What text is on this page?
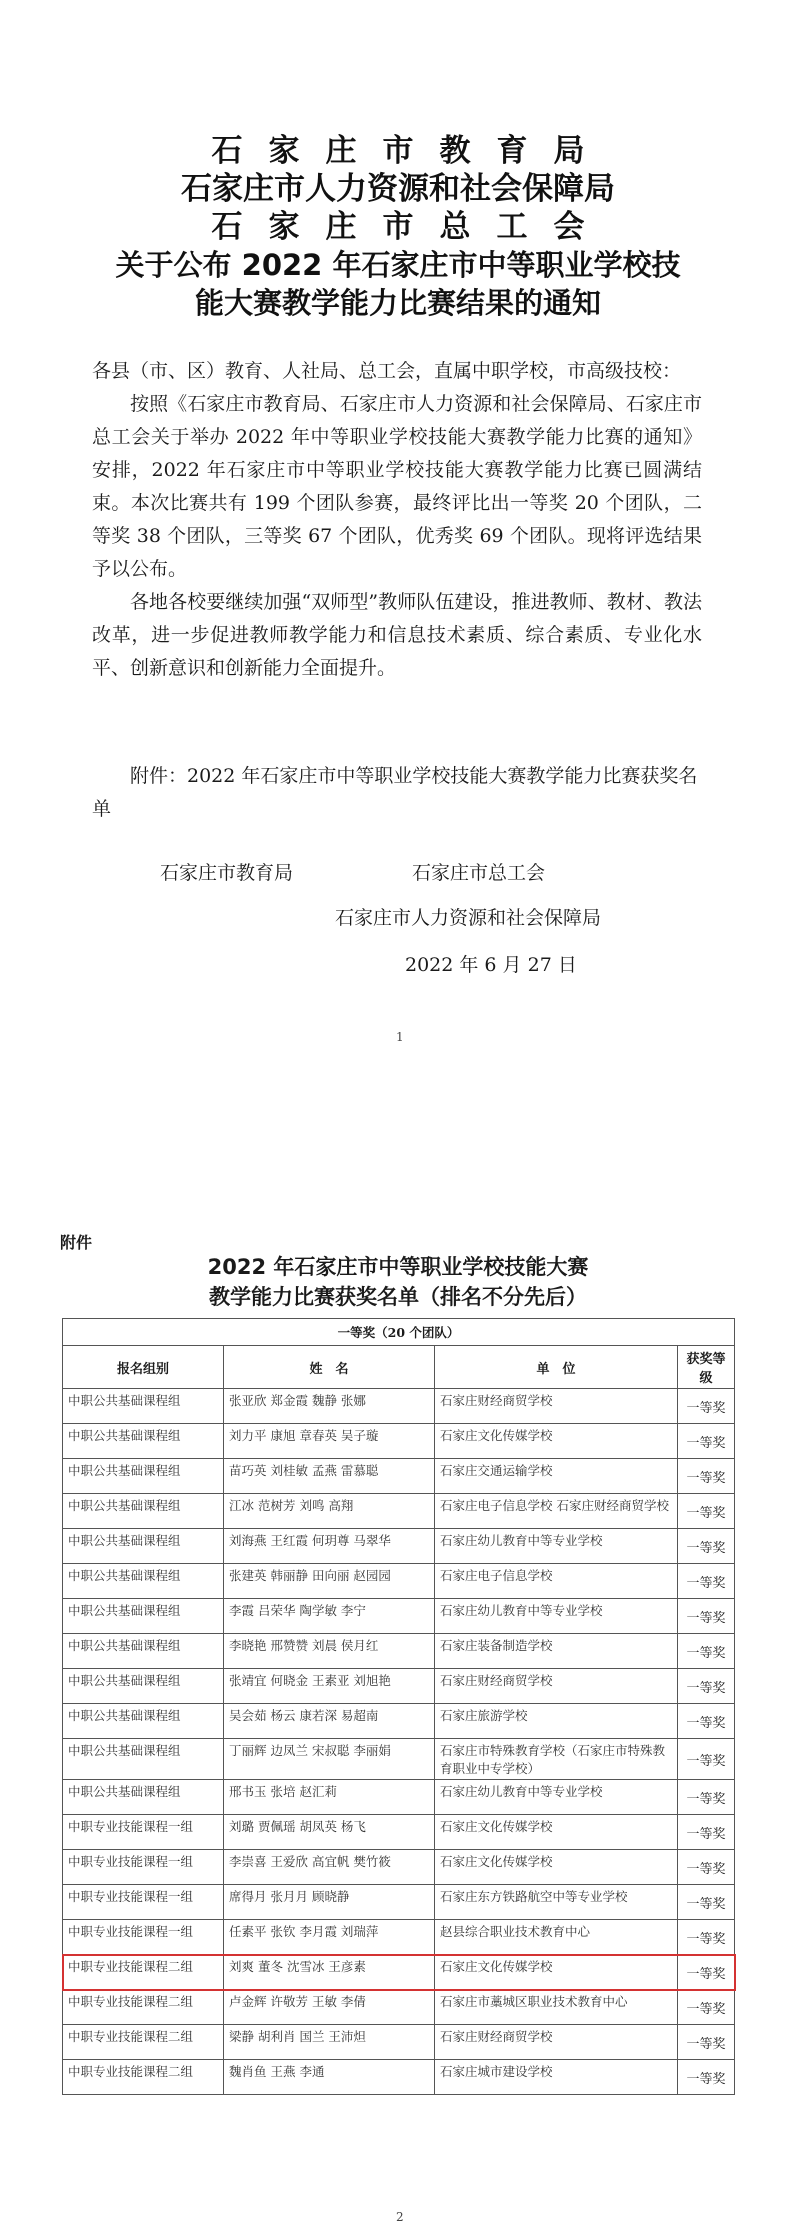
石家庄市教育局
石家庄市人力资源和社会保障局
石家庄市总工会
关于公布 2022 年石家庄市中等职业学校技
能大赛教学能力比赛结果的通知

各县（市、区）教育、人社局、总工会，直属中职学校，市高级技校：

按照《石家庄市教育局、石家庄市人力资源和社会保障局、石家庄市总工会关于举办 2022 年中等职业学校技能大赛教学能力比赛的通知》安排，2022 年石家庄市中等职业学校技能大赛教学能力比赛已圆满结束。本次比赛共有 199 个团队参赛，最终评比出一等奖 20 个团队，二等奖 38 个团队，三等奖 67 个团队，优秀奖 69 个团队。现将评选结果予以公布。

各地各校要继续加强“双师型”教师队伍建设，推进教师、教材、教法改革，进一步促进教师教学能力和信息技术素质、综合素质、专业化水平、创新意识和创新能力全面提升。

附件：2022 年石家庄市中等职业学校技能大赛教学能力比赛获奖名单
石家庄市教育局	石家庄市总工会
石家庄市人力资源和社会保障局
2022 年 6 月 27 日
1
2
附件
2022 年石家庄市中等职业学校技能大赛
教学能力比赛获奖名单（排名不分先后）
一等奖（20 个团队）			
报名组别	姓　名	单　位	获奖等级
中职公共基础课程组	张亚欣 郑金霞 魏静 张娜	石家庄财经商贸学校	一等奖
中职公共基础课程组	刘力平 康旭 章春英 吴子璇	石家庄文化传媒学校	一等奖
中职公共基础课程组	苗巧英 刘桂敏 孟燕 雷慕聪	石家庄交通运输学校	一等奖
中职公共基础课程组	江冰 范树芳 刘鸣 高翔	石家庄电子信息学校 石家庄财经商贸学校	一等奖
中职公共基础课程组	刘海燕 王红霞 何玥尊 马翠华	石家庄幼儿教育中等专业学校	一等奖
中职公共基础课程组	张建英 韩丽静 田向丽 赵园园	石家庄电子信息学校	一等奖
中职公共基础课程组	李霞 吕荣华 陶学敏 李宁	石家庄幼儿教育中等专业学校	一等奖
中职公共基础课程组	李晓艳 邢赞赞 刘晨 侯月红	石家庄装备制造学校	一等奖
中职公共基础课程组	张靖宜 何晓金 王素亚 刘旭艳	石家庄财经商贸学校	一等奖
中职公共基础课程组	吴会茹 杨云 康若深 易超南	石家庄旅游学校	一等奖
中职公共基础课程组	丁丽辉 边凤兰 宋叔聪 李丽娟	石家庄市特殊教育学校（石家庄市特殊教育职业中专学校）	一等奖
中职公共基础课程组	邢书玉 张培 赵汇莉	石家庄幼儿教育中等专业学校	一等奖
中职专业技能课程一组	刘璐 贾佩瑶 胡凤英 杨飞	石家庄文化传媒学校	一等奖
中职专业技能课程一组	李崇喜 王爱欣 高宜帆 樊竹筱	石家庄文化传媒学校	一等奖
中职专业技能课程一组	席得月 张月月 顾晓静	石家庄东方铁路航空中等专业学校	一等奖
中职专业技能课程一组	任素平 张钦 李月霞 刘瑞萍	赵县综合职业技术教育中心	一等奖
中职专业技能课程二组	刘爽 董冬 沈雪冰 王彦素	石家庄文化传媒学校	一等奖
中职专业技能课程二组	卢金辉 许敬芳 王敏 李倩	石家庄市藁城区职业技术教育中心	一等奖
中职专业技能课程二组	梁静 胡利肖 国兰 王沛炟	石家庄财经商贸学校	一等奖
中职专业技能课程二组	魏肖鱼 王燕 李通	石家庄城市建设学校	一等奖
